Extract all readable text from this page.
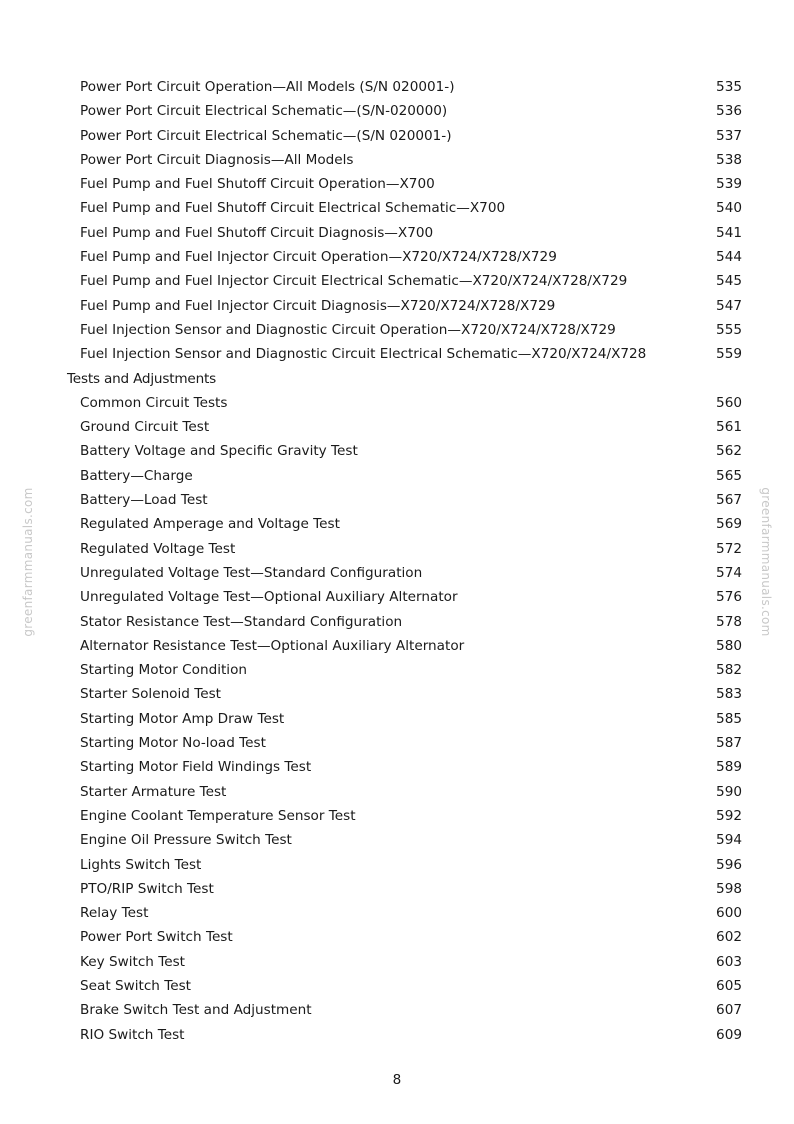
greenfarmmanuals.com	greenfarmmanuals.com
Power Port Circuit Operation—All Models (S/N 020001-)	535
Power Port Circuit Electrical Schematic—(S/N-020000)	536
Power Port Circuit Electrical Schematic—(S/N 020001-)	537
Power Port Circuit Diagnosis—All Models	538
Fuel Pump and Fuel Shutoff Circuit Operation—X700	539
Fuel Pump and Fuel Shutoff Circuit Electrical Schematic—X700	540
Fuel Pump and Fuel Shutoff Circuit Diagnosis—X700	541
Fuel Pump and Fuel Injector Circuit Operation—X720/X724/X728/X729	544
Fuel Pump and Fuel Injector Circuit Electrical Schematic—X720/X724/X728/X729	545
Fuel Pump and Fuel Injector Circuit Diagnosis—X720/X724/X728/X729	547
Fuel Injection Sensor and Diagnostic Circuit Operation—X720/X724/X728/X729	555
Fuel Injection Sensor and Diagnostic Circuit Electrical Schematic—X720/X724/X728	559
Tests and Adjustments
Common Circuit Tests	560
Ground Circuit Test	561
Battery Voltage and Specific Gravity Test	562
Battery—Charge	565
Battery—Load Test	567
Regulated Amperage and Voltage Test	569
Regulated Voltage Test	572
Unregulated Voltage Test—Standard Configuration	574
Unregulated Voltage Test—Optional Auxiliary Alternator	576
Stator Resistance Test—Standard Configuration	578
Alternator Resistance Test—Optional Auxiliary Alternator	580
Starting Motor Condition	582
Starter Solenoid Test	583
Starting Motor Amp Draw Test	585
Starting Motor No-load Test	587
Starting Motor Field Windings Test	589
Starter Armature Test	590
Engine Coolant Temperature Sensor Test	592
Engine Oil Pressure Switch Test	594
Lights Switch Test	596
PTO/RIP Switch Test	598
Relay Test	600
Power Port Switch Test	602
Key Switch Test	603
Seat Switch Test	605
Brake Switch Test and Adjustment	607
RIO Switch Test	609
8
